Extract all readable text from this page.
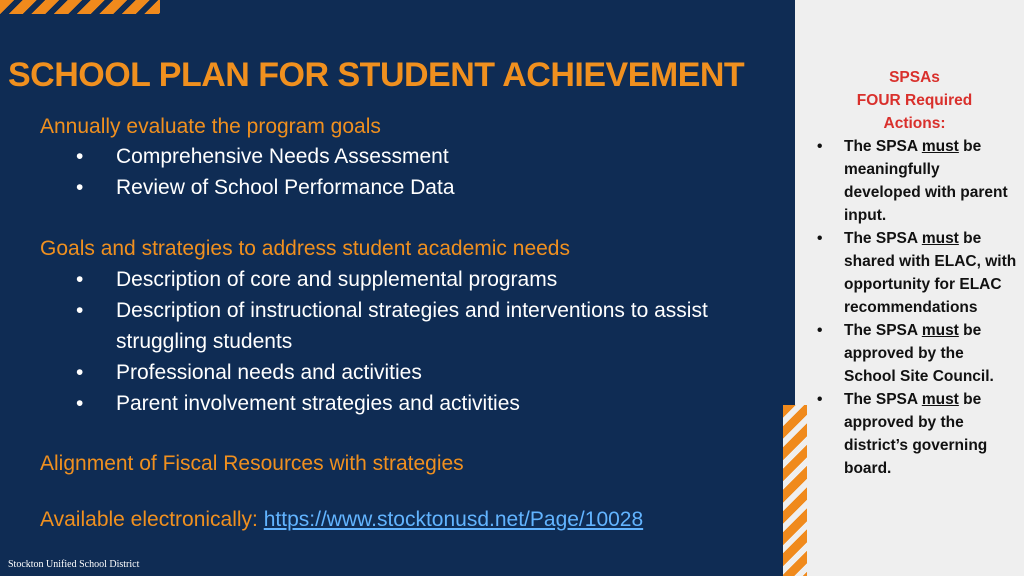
SCHOOL PLAN FOR STUDENT ACHIEVEMENT
Annually evaluate the program goals
• Comprehensive Needs Assessment
• Review of School Performance Data
Goals and strategies to address student academic needs
• Description of core and supplemental programs
• Description of instructional strategies and interventions to assist struggling students
• Professional needs and activities
• Parent involvement strategies and activities
Alignment of Fiscal Resources with strategies
Available electronically: https://www.stocktonusd.net/Page/10028
Stockton Unified School District
SPSAs
FOUR Required
Actions:
• The SPSA must be meaningfully developed with parent input.
• The SPSA must be shared with ELAC, with opportunity for ELAC recommendations
• The SPSA must be approved by the School Site Council.
• The SPSA must be approved by the district’s governing board.
